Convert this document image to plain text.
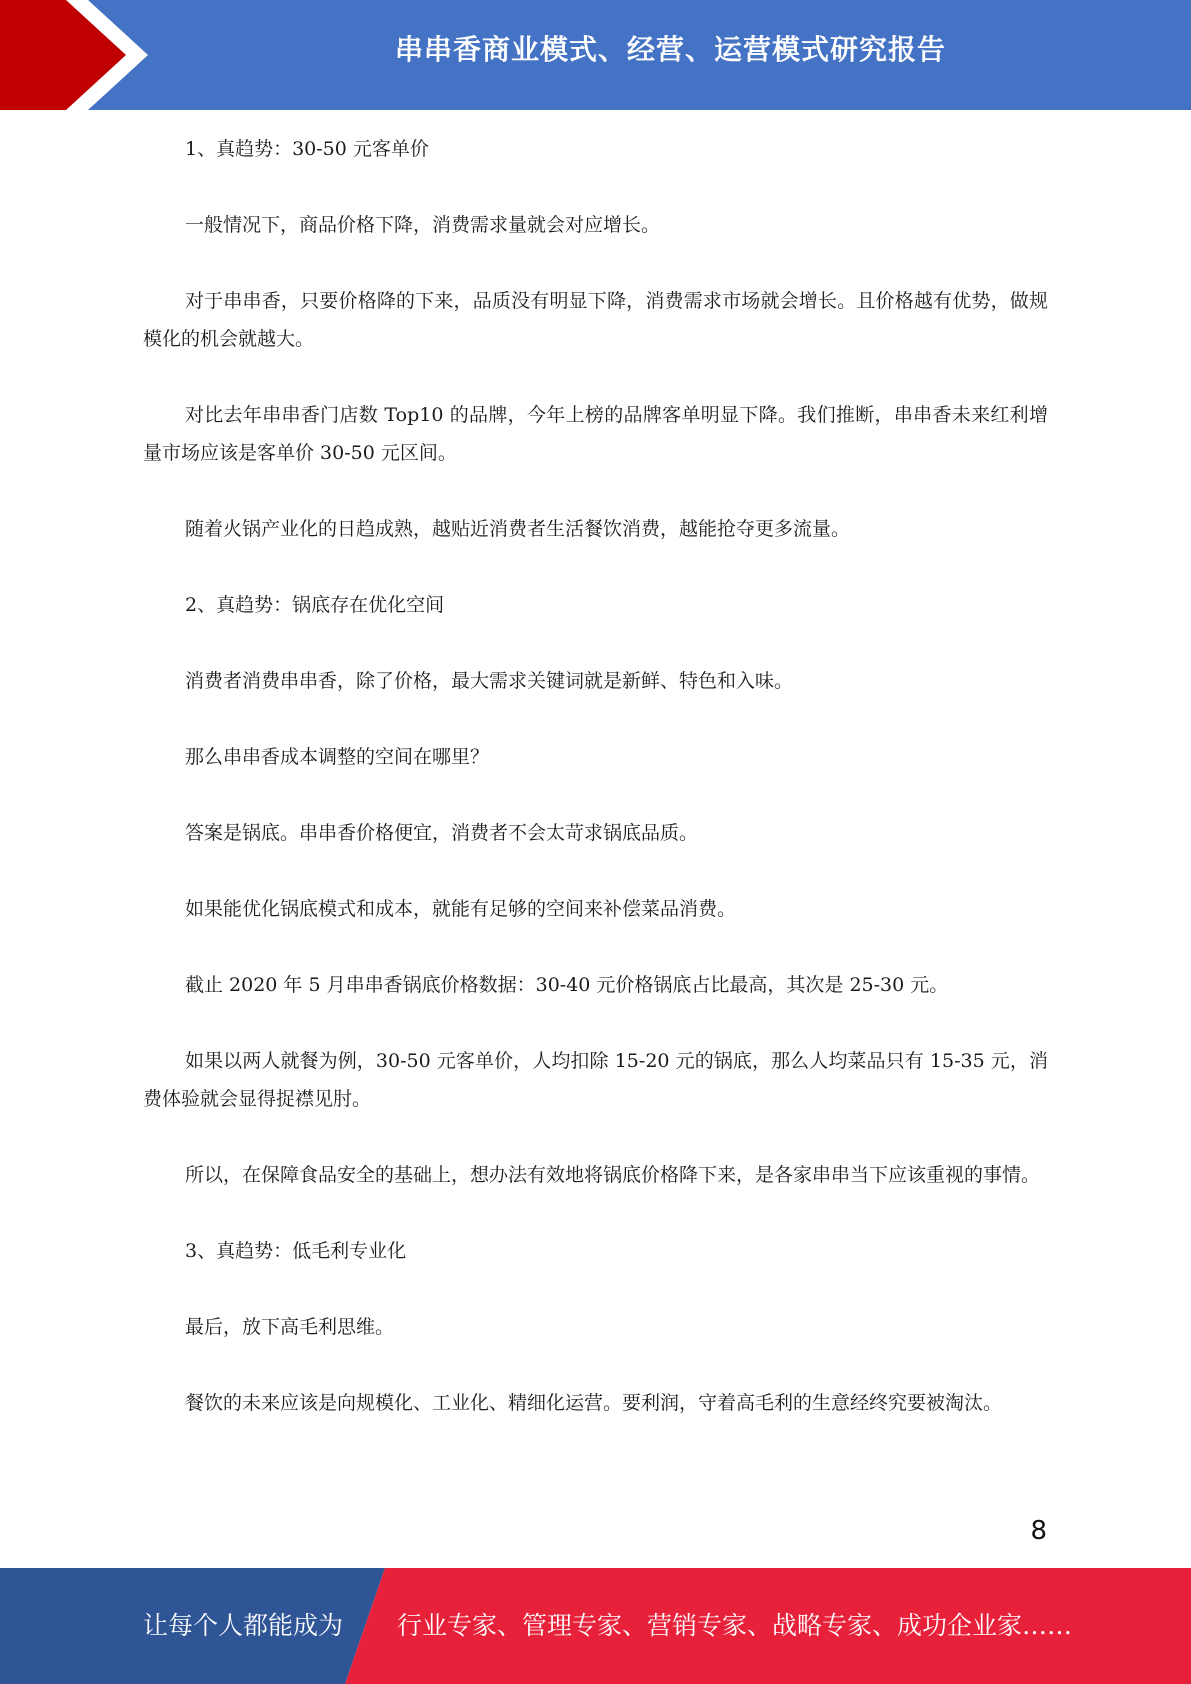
串串香商业模式、经营、运营模式研究报告

1、真趋势：30-50 元客单价

一般情况下，商品价格下降，消费需求量就会对应增长。

对于串串香，只要价格降的下来，品质没有明显下降，消费需求市场就会增长。且价格越有优势，做规模化的机会就越大。

对比去年串串香门店数 Top10 的品牌，今年上榜的品牌客单明显下降。我们推断，串串香未来红利增量市场应该是客单价 30-50 元区间。

随着火锅产业化的日趋成熟，越贴近消费者生活餐饮消费，越能抢夺更多流量。

2、真趋势：锅底存在优化空间

消费者消费串串香，除了价格，最大需求关键词就是新鲜、特色和入味。

那么串串香成本调整的空间在哪里？

答案是锅底。串串香价格便宜，消费者不会太苛求锅底品质。

如果能优化锅底模式和成本，就能有足够的空间来补偿菜品消费。

截止 2020 年 5 月串串香锅底价格数据：30-40 元价格锅底占比最高，其次是 25-30 元。

如果以两人就餐为例，30-50 元客单价，人均扣除 15-20 元的锅底，那么人均菜品只有 15-35 元，消费体验就会显得捉襟见肘。

所以，在保障食品安全的基础上，想办法有效地将锅底价格降下来，是各家串串当下应该重视的事情。

3、真趋势：低毛利专业化

最后，放下高毛利思维。

餐饮的未来应该是向规模化、工业化、精细化运营。要利润，守着高毛利的生意经终究要被淘汰。

8
让每个人都能成为 行业专家、管理专家、营销专家、战略专家、成功企业家……
